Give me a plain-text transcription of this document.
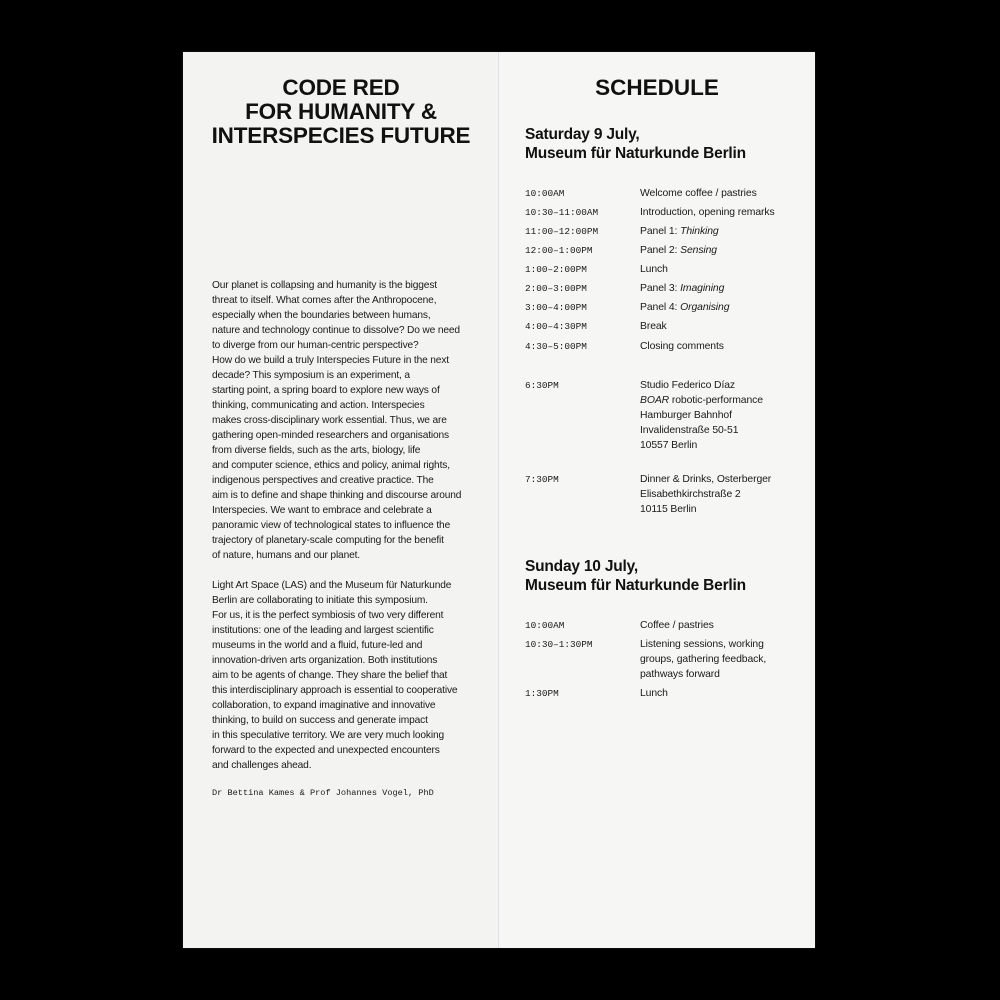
CODE RED
FOR HUMANITY &
INTERSPECIES FUTURE

Our planet is collapsing and humanity is the biggest
threat to itself. What comes after the Anthropocene,
especially when the boundaries between humans,
nature and technology continue to dissolve? Do we need
to diverge from our human-centric perspective?
How do we build a truly Interspecies Future in the next
decade? This symposium is an experiment, a
starting point, a spring board to explore new ways of
thinking, communicating and action. Interspecies
makes cross-disciplinary work essential. Thus, we are
gathering open-minded researchers and organisations
from diverse fields, such as the arts, biology, life
and computer science, ethics and policy, animal rights,
indigenous perspectives and creative practice. The
aim is to define and shape thinking and discourse around
Interspecies. We want to embrace and celebrate a
panoramic view of technological states to influence the
trajectory of planetary-scale computing for the benefit
of nature, humans and our planet.

Light Art Space (LAS) and the Museum für Naturkunde
Berlin are collaborating to initiate this symposium.
For us, it is the perfect symbiosis of two very different
institutions: one of the leading and largest scientific
museums in the world and a fluid, future-led and
innovation-driven arts organization. Both institutions
aim to be agents of change. They share the belief that
this interdisciplinary approach is essential to cooperative
collaboration, to expand imaginative and innovative
thinking, to build on success and generate impact
in this speculative territory. We are very much looking
forward to the expected and unexpected encounters
and challenges ahead.

Dr Bettina Kames & Prof Johannes Vogel, PhD

SCHEDULE
Saturday 9 July,
Museum für Naturkunde Berlin
10:00AM	Welcome coffee / pastries
10:30–11:00AM	Introduction, opening remarks
11:00–12:00PM	Panel 1: Thinking
12:00–1:00PM	Panel 2: Sensing
1:00–2:00PM	Lunch
2:00–3:00PM	Panel 3: Imagining
3:00–4:00PM	Panel 4: Organising
4:00–4:30PM	Break
4:30–5:00PM	Closing comments
6:30PM	Studio Federico Díaz
BOAR robotic-performance
Hamburger Bahnhof
Invalidenstraße 50-51
10557 Berlin
7:30PM	Dinner & Drinks, Osterberger
Elisabethkirchstraße 2
10115 Berlin
Sunday 10 July,
Museum für Naturkunde Berlin
10:00AM	Coffee / pastries
10:30–1:30PM	Listening sessions, working
groups, gathering feedback,
pathways forward
1:30PM	Lunch
